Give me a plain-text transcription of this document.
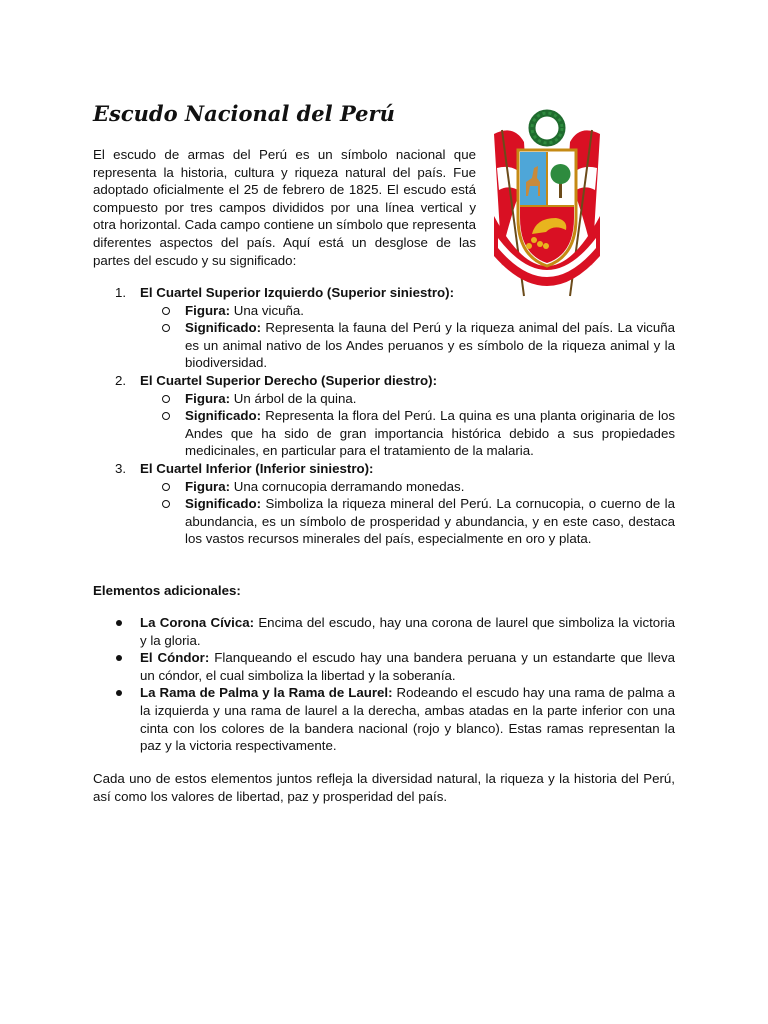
Escudo Nacional del Perú

El escudo de armas del Perú es un símbolo nacional que representa la historia, cultura y riqueza natural del país. Fue adoptado oficialmente el 25 de febrero de 1825. El escudo está compuesto por tres campos divididos por una línea vertical y otra horizontal. Cada campo contiene un símbolo que representa diferentes aspectos del país. Aquí está un desglose de las partes del escudo y su significado:

1. El Cuartel Superior Izquierdo (Superior siniestro):
Figura: Una vicuña.
Significado: Representa la fauna del Perú y la riqueza animal del país. La vicuña es un animal nativo de los Andes peruanos y es símbolo de la riqueza animal y la biodiversidad.
2. El Cuartel Superior Derecho (Superior diestro):
Figura: Un árbol de la quina.
Significado: Representa la flora del Perú. La quina es una planta originaria de los Andes que ha sido de gran importancia histórica debido a sus propiedades medicinales, en particular para el tratamiento de la malaria.
3. El Cuartel Inferior (Inferior siniestro):
Figura: Una cornucopia derramando monedas.
Significado: Simboliza la riqueza mineral del Perú. La cornucopia, o cuerno de la abundancia, es un símbolo de prosperidad y abundancia, y en este caso, destaca los vastos recursos minerales del país, especialmente en oro y plata.

Elementos adicionales:

La Corona Cívica: Encima del escudo, hay una corona de laurel que simboliza la victoria y la gloria.
El Cóndor: Flanqueando el escudo hay una bandera peruana y un estandarte que lleva un cóndor, el cual simboliza la libertad y la soberanía.
La Rama de Palma y la Rama de Laurel: Rodeando el escudo hay una rama de palma a la izquierda y una rama de laurel a la derecha, ambas atadas en la parte inferior con una cinta con los colores de la bandera nacional (rojo y blanco). Estas ramas representan la paz y la victoria respectivamente.

Cada uno de estos elementos juntos refleja la diversidad natural, la riqueza y la historia del Perú, así como los valores de libertad, paz y prosperidad del país.
